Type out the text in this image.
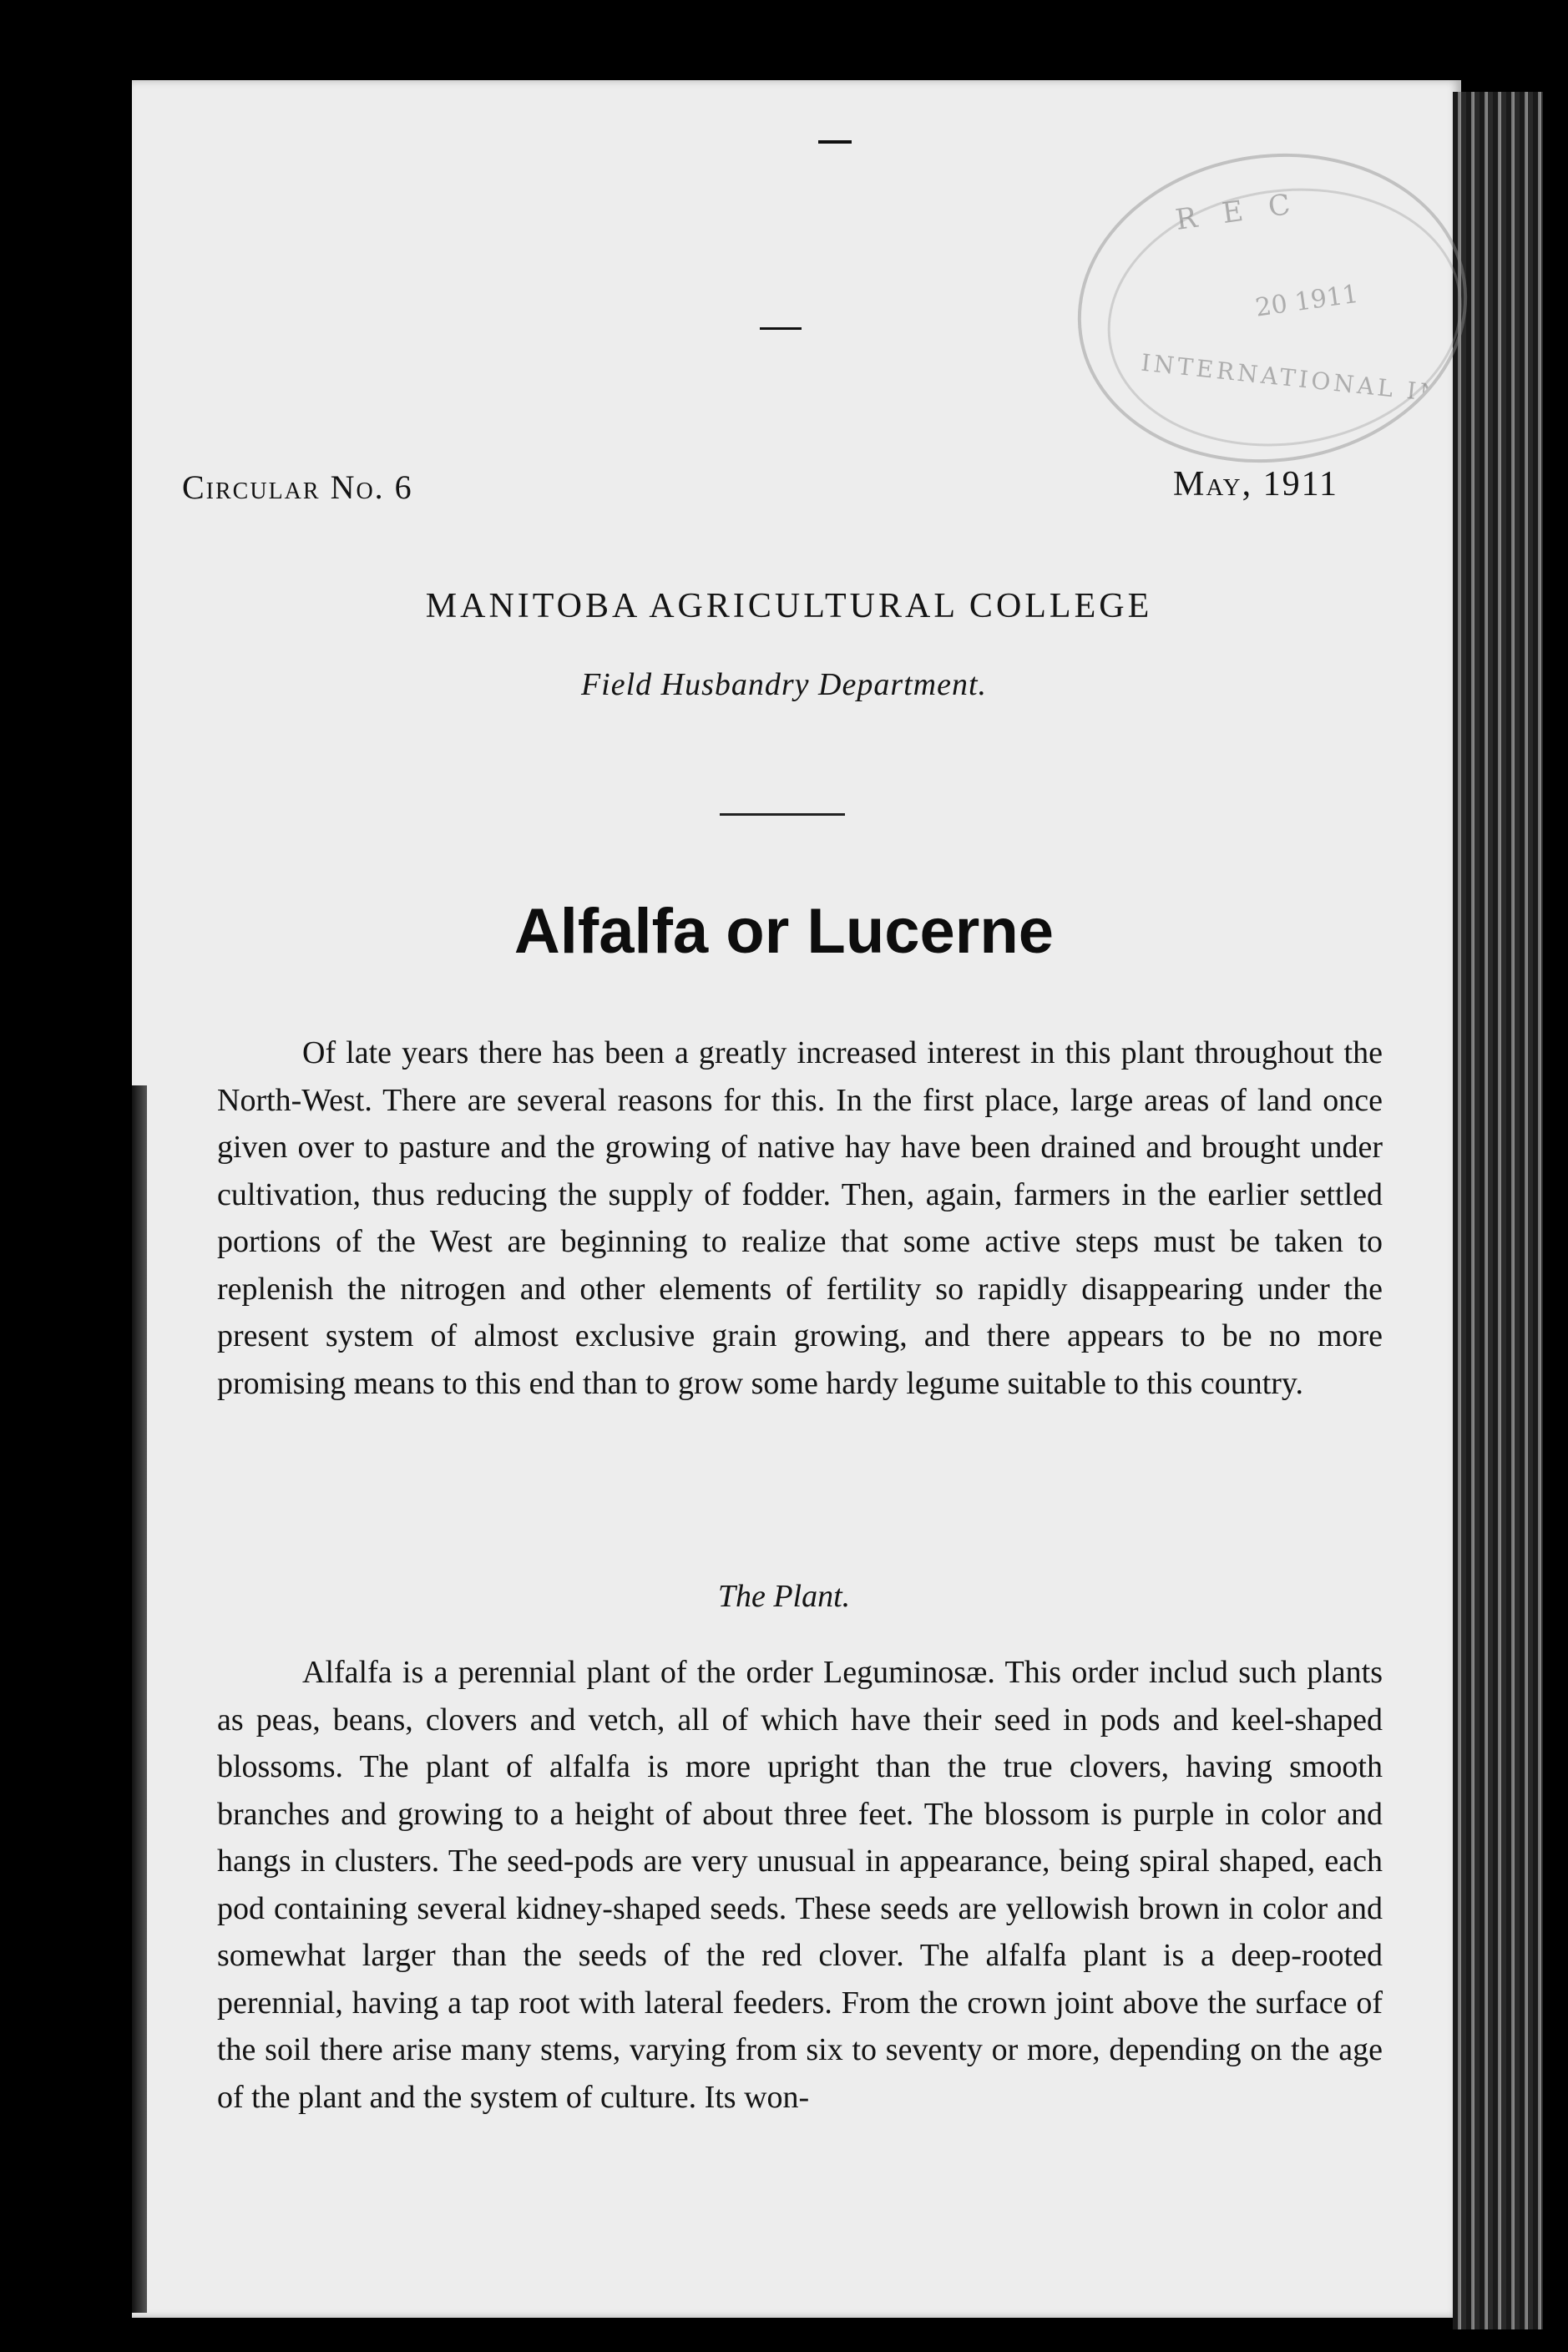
R E C
20 1911
INTERNATIONAL IN
Circular No. 6	May, 1911
MANITOBA AGRICULTURAL COLLEGE
Field Husbandry Department.
Alfalfa or Lucerne
Of late years there has been a greatly increased interest in this plant throughout the North-West. There are several reasons for this. In the first place, large areas of land once given over to pasture and the growing of native hay have been drained and brought under cultivation, thus reducing the supply of fodder. Then, again, farmers in the earlier settled portions of the West are beginning to realize that some active steps must be taken to replenish the nitrogen and other elements of fertility so rapidly disappearing under the present system of almost exclusive grain growing, and there appears to be no more promising means to this end than to grow some hardy legume suitable to this country.
The Plant.
Alfalfa is a perennial plant of the order Leguminosæ. This order includ such plants as peas, beans, clovers and vetch, all of which have their seed in pods and keel-shaped blossoms. The plant of alfalfa is more upright than the true clovers, having smooth branches and growing to a height of about three feet. The blossom is purple in color and hangs in clusters. The seed-pods are very unusual in appearance, being spiral shaped, each pod containing several kidney-shaped seeds. These seeds are yellowish brown in color and somewhat larger than the seeds of the red clover. The alfalfa plant is a deep-rooted perennial, having a tap root with lateral feeders. From the crown joint above the surface of the soil there arise many stems, varying from six to seventy or more, depending on the age of the plant and the system of culture. Its won-
